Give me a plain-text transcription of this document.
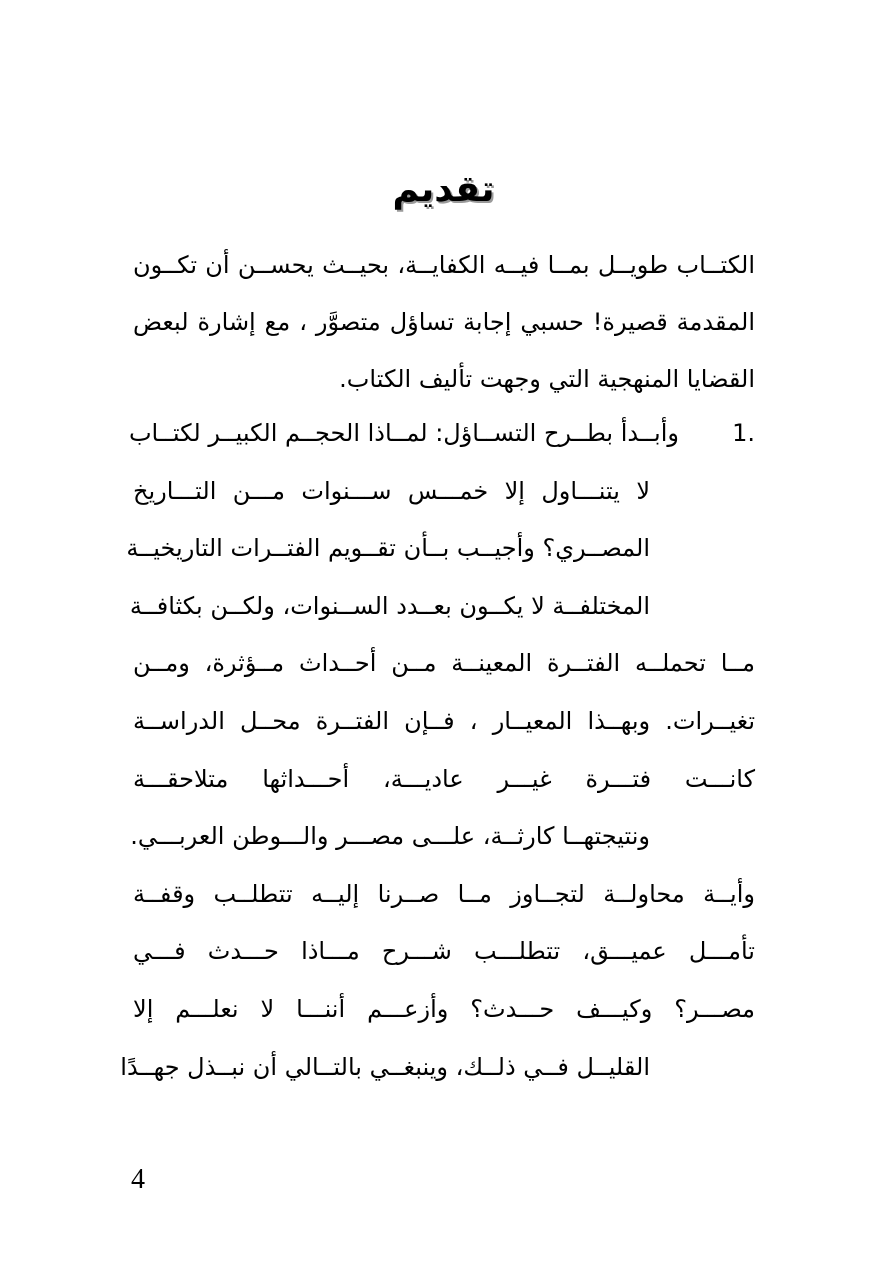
تقديم
الكتــاب طويــل بمــا فيــه الكفايــة، بحيــث يحســن أن تكــون
المقدمة قصيرة! حسبي إجابة تساؤل متصوَّر ، مع إشارة لبعض
القضايا المنهجية التي وجهت تأليف الكتاب.
1.
وأبــدأ بطــرح التســاؤل: لمــاذا الحجــم الكبيــر لكتــاب
لا يتنـــاول إلا خمـــس ســـنوات مـــن التـــاريخ
المصــري؟ وأجيــب بــأن تقــويم الفتــرات التاريخيــة
المختلفــة لا يكــون بعــدد الســنوات، ولكــن بكثافــة
مــا تحملــه الفتــرة المعينــة مــن أحــداث مــؤثرة، ومــن
تغيــرات. وبهــذا المعيــار ، فــإن الفتــرة محــل الدراســة
كانـــت فتـــرة غيـــر عاديـــة، أحـــداثها متلاحقـــة
ونتيجتهــا كارثــة، علـــى مصـــر والـــوطن العربـــي.
وأيــة محاولــة لتجــاوز مــا صــرنا إليــه تتطلــب وقفــة
تأمـــل عميـــق، تتطلـــب شـــرح مـــاذا حـــدث فـــي
مصـــر؟ وكيـــف حـــدث؟ وأزعـــم أننـــا لا نعلـــم إلا
القليــل فــي ذلــك، وينبغــي بالتــالي أن نبــذل جهــدًا
4
